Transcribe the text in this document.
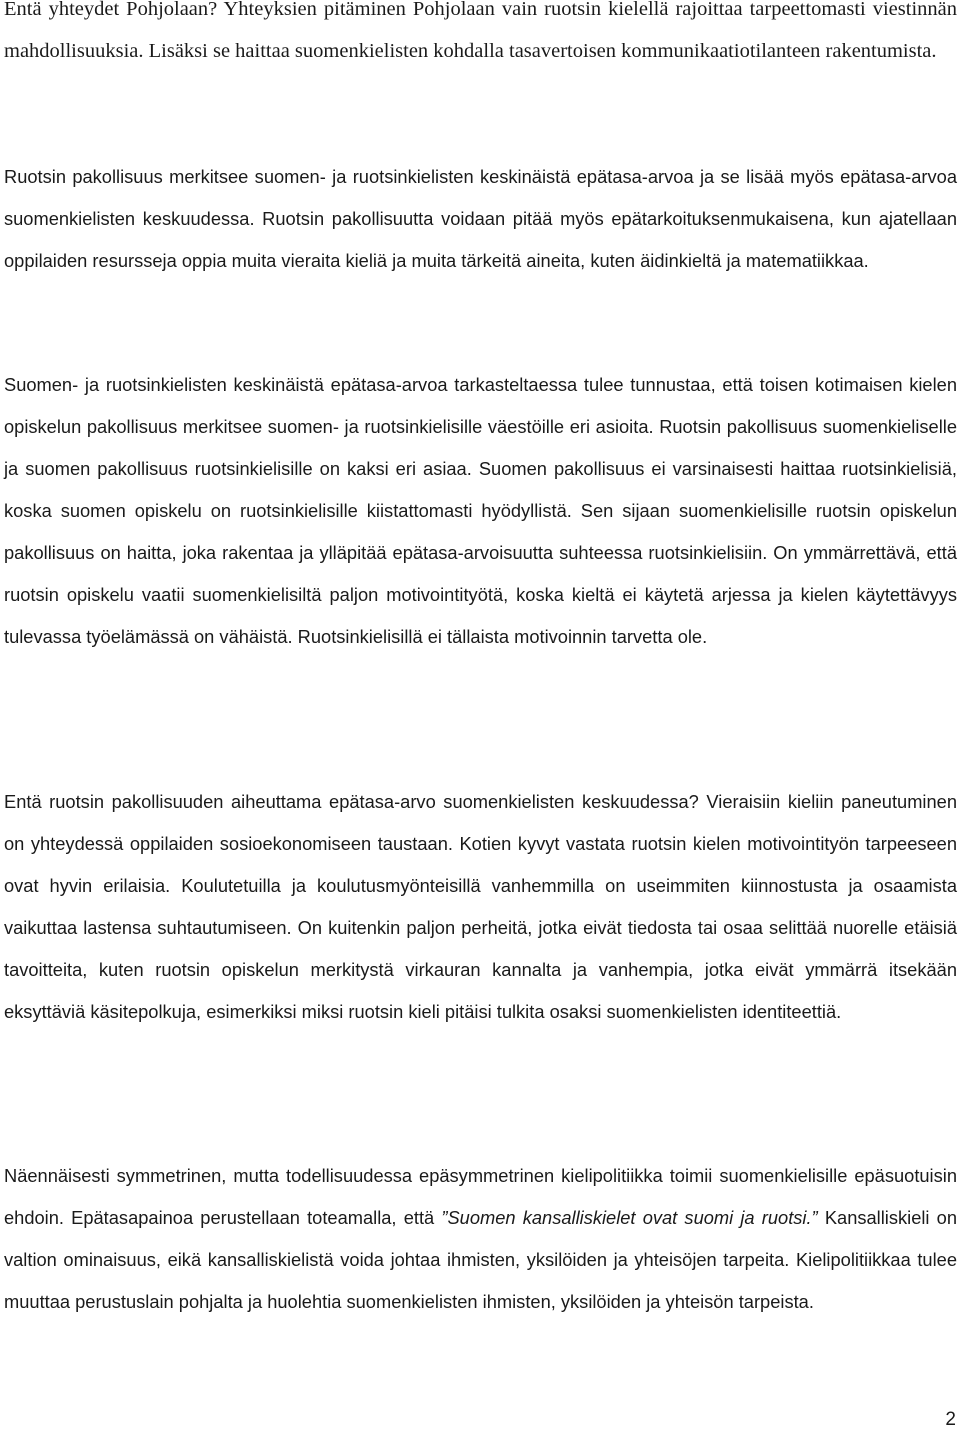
Entä yhteydet Pohjolaan? Yhteyksien pitäminen Pohjolaan vain ruotsin kielellä rajoittaa tarpeettomasti viestinnän mahdollisuuksia. Lisäksi se haittaa suomenkielisten kohdalla tasavertoisen kommunikaatiotilanteen rakentumista.

Ruotsin pakollisuus merkitsee suomen- ja ruotsinkielisten keskinäistä epätasa-arvoa ja se lisää myös epätasa-arvoa suomenkielisten keskuudessa. Ruotsin pakollisuutta voidaan pitää myös epätarkoituksenmukaisena, kun ajatellaan oppilaiden resursseja oppia muita vieraita kieliä ja muita tärkeitä aineita, kuten äidinkieltä ja matematiikkaa.

Suomen- ja ruotsinkielisten keskinäistä epätasa-arvoa tarkasteltaessa tulee tunnustaa, että toisen kotimaisen kielen opiskelun pakollisuus merkitsee suomen- ja ruotsinkielisille väestöille eri asioita. Ruotsin pakollisuus suomenkieliselle ja suomen pakollisuus ruotsinkielisille on kaksi eri asiaa. Suomen pakollisuus ei varsinaisesti haittaa ruotsinkielisiä, koska suomen opiskelu on ruotsinkielisille kiistattomasti hyödyllistä. Sen sijaan suomenkielisille ruotsin opiskelun pakollisuus on haitta, joka rakentaa ja ylläpitää epätasa-arvoisuutta suhteessa ruotsinkielisiin. On ymmärrettävä, että ruotsin opiskelu vaatii suomenkielisiltä paljon motivointityötä, koska kieltä ei käytetä arjessa ja kielen käytettävyys tulevassa työelämässä on vähäistä. Ruotsinkielisillä ei tällaista motivoinnin tarvetta ole.

Entä ruotsin pakollisuuden aiheuttama epätasa-arvo suomenkielisten keskuudessa? Vieraisiin kieliin paneutuminen on yhteydessä oppilaiden sosioekonomiseen taustaan. Kotien kyvyt vastata ruotsin kielen motivointityön tarpeeseen ovat hyvin erilaisia. Koulutetuilla ja koulutusmyönteisillä vanhemmilla on useimmiten kiinnostusta ja osaamista vaikuttaa lastensa suhtautumiseen. On kuitenkin paljon perheitä, jotka eivät tiedosta tai osaa selittää nuorelle etäisiä tavoitteita, kuten ruotsin opiskelun merkitystä virkauran kannalta ja vanhempia, jotka eivät ymmärrä itsekään eksyttäviä käsitepolkuja, esimerkiksi miksi ruotsin kieli pitäisi tulkita osaksi suomenkielisten identiteettiä.

Näennäisesti symmetrinen, mutta todellisuudessa epäsymmetrinen kielipolitiikka toimii suomenkielisille epäsuotuisin ehdoin. Epätasapainoa perustellaan toteamalla, että ”Suomen kansalliskielet ovat suomi ja ruotsi.” Kansalliskieli on valtion ominaisuus, eikä kansalliskielistä voida johtaa ihmisten, yksilöiden ja yhteisöjen tarpeita. Kielipolitiikkaa tulee muuttaa perustuslain pohjalta ja huolehtia suomenkielisten ihmisten, yksilöiden ja yhteisön tarpeista.

2
